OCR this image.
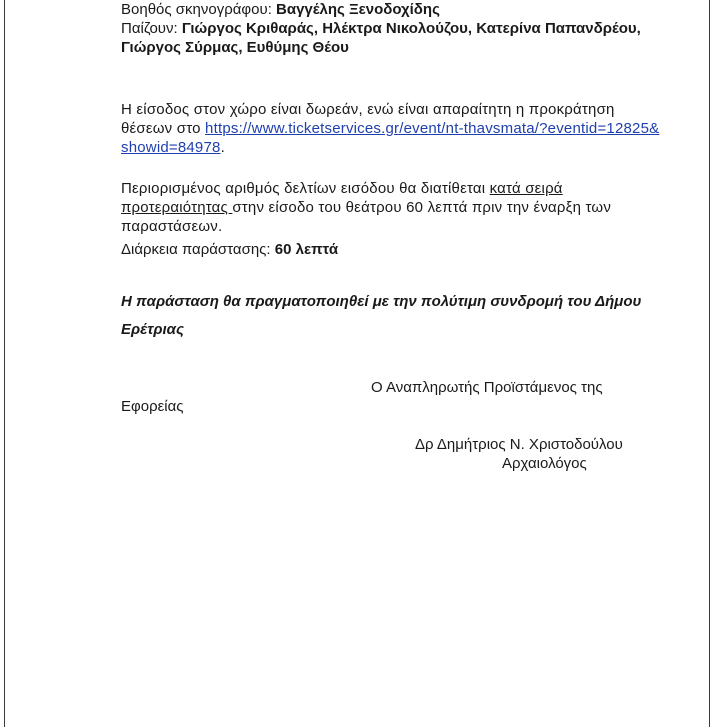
Βοηθός σκηνογράφου: Βαγγέλης Ξενοδοχίδης
Παίζουν: Γιώργος Κριθαράς, Ηλέκτρα Νικολούζου, Κατερίνα Παπανδρέου,
Γιώργος Σύρμας, Ευθύμης Θέου
Η είσοδος στον χώρο είναι δωρεάν, ενώ είναι απαραίτητη η προκράτηση θέσεων στο https://www.ticketservices.gr/event/nt-thavsmata/?eventid=12825&showid=84978.
Περιορισμένος αριθμός δελτίων εισόδου θα διατίθεται κατά σειρά προτεραιότητας στην είσοδο του θεάτρου 60 λεπτά πριν την έναρξη των παραστάσεων.
Διάρκεια παράστασης: 60 λεπτά
Η παράσταση θα πραγματοποιηθεί με την πολύτιμη συνδρομή του Δήμου Ερέτριας
Ο Αναπληρωτής Προϊστάμενος της
Εφορείας
Δρ Δημήτριος Ν. Χριστοδούλου
Αρχαιολόγος
